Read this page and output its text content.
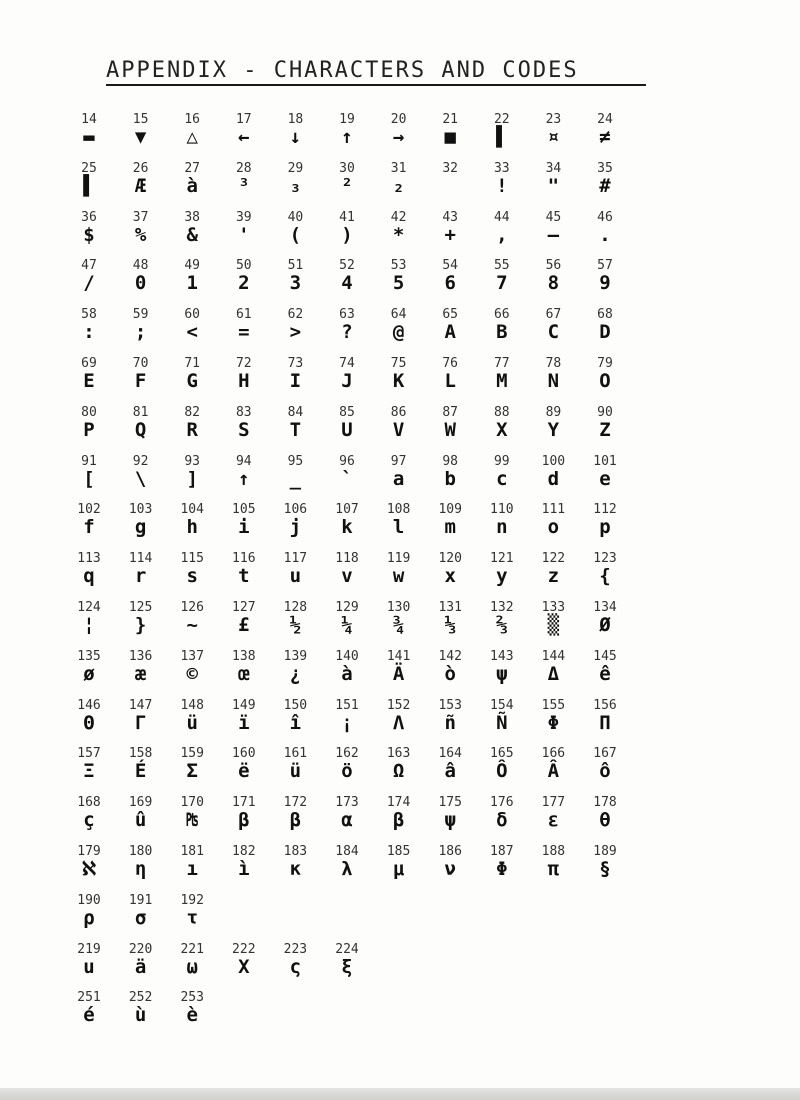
APPENDIX - CHARACTERS AND CODES
14
▬
15
▼
16
△
17
←
18
↓
19
↑
20
→
21
■
22
▌
23
¤
24
≠
25
▌
26
Æ
27
à
28
³
29
₃
30
²
31
₂
32	33
!
34
"
35
#
36
$
37
%
38
&
39
'
40
(
41
)
42
*
43
+
44
,
45
—
46
.
47
/
48
0
49
1
50
2
51
3
52
4
53
5
54
6
55
7
56
8
57
9
58
:
59
;
60
<
61
=
62
>
63
?
64
@
65
A
66
B
67
C
68
D
69
E
70
F
71
G
72
H
73
I
74
J
75
K
76
L
77
M
78
N
79
O
80
P
81
Q
82
R
83
S
84
T
85
U
86
V
87
W
88
X
89
Y
90
Z
91
[
92
\
93
]
94
↑
95
_
96
`
97
a
98
b
99
c
100
d
101
e
102
f
103
g
104
h
105
i
106
j
107
k
108
l
109
m
110
n
111
o
112
p
113
q
114
r
115
s
116
t
117
u
118
v
119
w
120
x
121
y
122
z
123
{
124
¦
125
}
126
~
127
£
128
½
129
¼
130
¾
131
⅓
132
⅔
133
▒
134
Ø
135
ø
136
æ
137
©
138
œ
139
¿
140
à
141
Ä
142
ò
143
ψ
144
Δ
145
ê
146
Θ
147
Γ
148
ü
149
ï
150
î
151
¡
152
Λ
153
ñ
154
Ñ
155
Φ
156
Π
157
Ξ
158
É
159
Σ
160
ë
161
ü
162
ö
163
Ω
164
â
165
Ô
166
Â
167
ô
168
ç
169
û
170
₧
171
β
172
β
173
α
174
β
175
ψ
176
δ
177
ε
178
θ
179
ℵ
180
η
181
ı
182
ì
183
κ
184
λ
185
μ
186
ν
187
Φ
188
π
189
§
190
ρ
191
σ
192
τ
219
u
220
ä
221
ω
222
X
223
ς
224
ξ
251
é
252
ù
253
è
